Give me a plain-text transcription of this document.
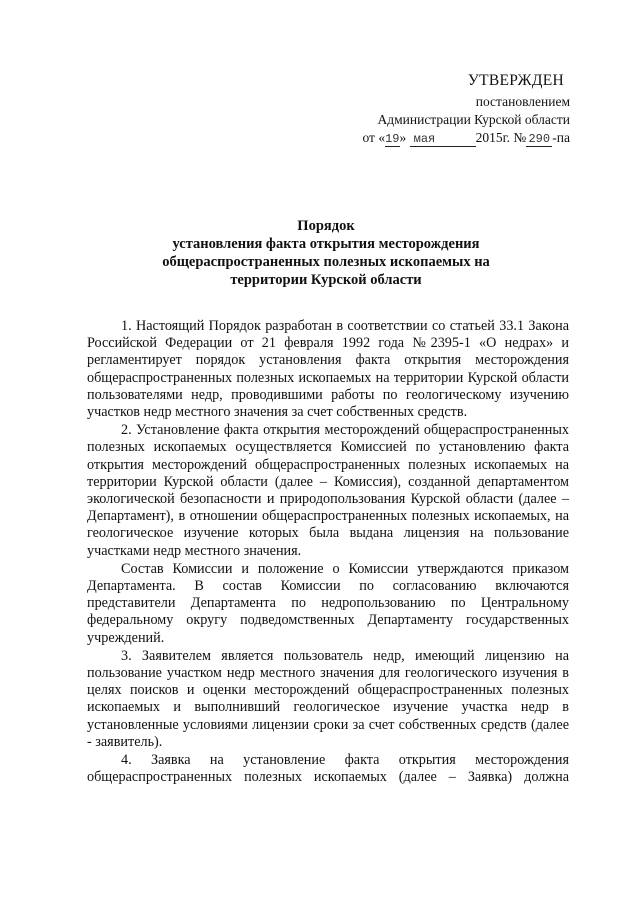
УТВЕРЖДЕН
постановлением
Администрации Курской области
от «19» мая	2015г. № 290 -па
Порядок
установления факта открытия месторождения
общераспространенных полезных ископаемых на
территории Курской области

1. Настоящий Порядок разработан в соответствии со статьей 33.1 Закона Российской Федерации от 21 февраля 1992 года №2395-1 «О недрах» и регламентирует порядок установления факта открытия месторождения общераспространенных полезных ископаемых на территории Курской области пользователями недр, проводившими работы по геологическому изучению участков недр местного значения за счет собственных средств.

2. Установление факта открытия месторождений общераспространенных полезных ископаемых осуществляется Комиссией по установлению факта открытия месторождений общераспространенных полезных ископаемых на территории Курской области (далее – Комиссия), созданной департаментом экологической безопасности и природопользования Курской области (далее – Департамент), в отношении общераспространенных полезных ископаемых, на геологическое изучение которых была выдана лицензия на пользование участками недр местного значения.

Состав Комиссии и положение о Комиссии утверждаются приказом Департамента. В состав Комиссии по согласованию включаются представители Департамента по недропользованию по Центральному федеральному округу подведомственных Департаменту государственных учреждений.

3. Заявителем является пользователь недр, имеющий лицензию на пользование участком недр местного значения для геологического изучения в целях поисков и оценки месторождений общераспространенных полезных ископаемых и выполнивший геологическое изучение участка недр в установленные условиями лицензии сроки за счет собственных средств (далее - заявитель).

4. Заявка на установление факта открытия месторождения общераспространенных полезных ископаемых (далее – Заявка) должна
